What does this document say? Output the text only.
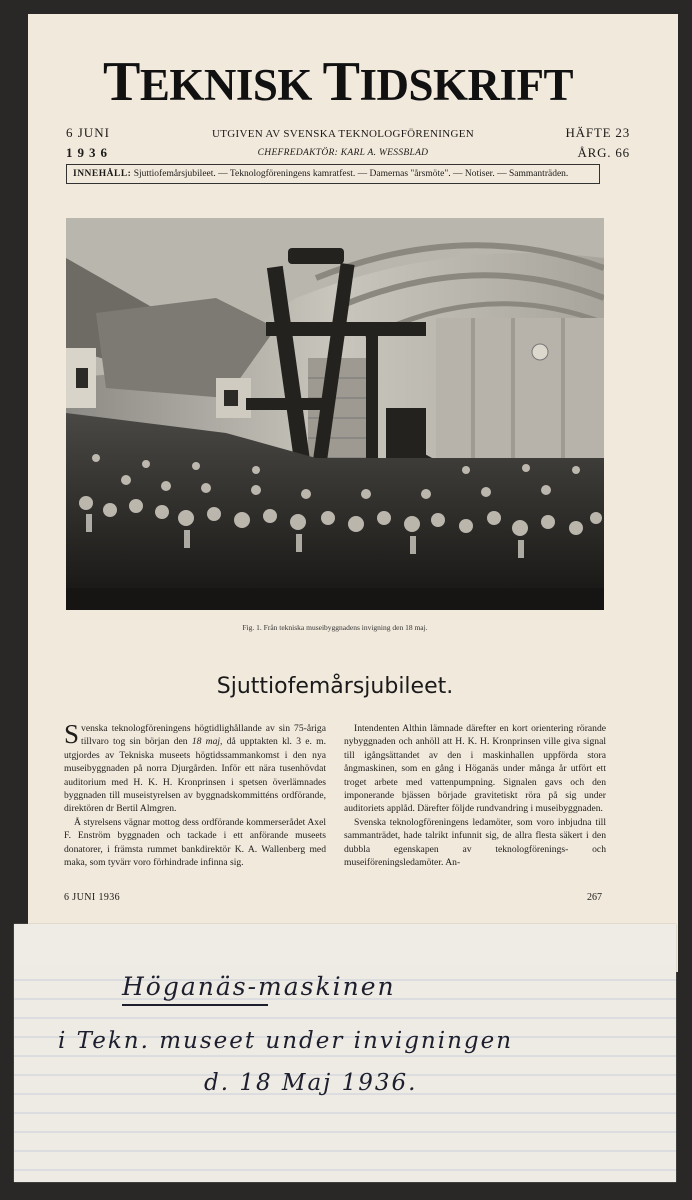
TEKNISK TIDSKRIFT
6 JUNI
1936
UTGIVEN AV SVENSKA TEKNOLOGFÖRENINGEN
CHEFREDAKTÖR: KARL A. WESSBLAD
HÄFTE 23
ÅRG. 66
INNEHÅLL: Sjuttiofemårsjubileet. — Teknologföreningens kamratfest. — Damernas "årsmöte". — Notiser. — Sammanträden.
Fig. 1. Från tekniska museibyggnadens invigning den 18 maj.
Sjuttiofemårsjubileet.

Svenska teknologföreningens högtidlighållande av sin 75-åriga tillvaro tog sin början den 18 maj, då upptakten kl. 3 e. m. utgjordes av Tekniska museets högtidssammankomst i den nya museibyggnaden på norra Djurgården. Inför ett nära tusenhövdat auditorium med H. K. H. Kronprinsen i spetsen överlämnades byggnaden till museistyrelsen av byggnadskommitténs ordförande, direktören dr Bertil Almgren.

Å styrelsens vägnar mottog dess ordförande kommerserådet Axel F. Enström byggnaden och tackade i ett anförande museets donatorer, i främsta rummet bankdirektör K. A. Wallenberg med maka, som tyvärr voro förhindrade infinna sig.

Intendenten Althin lämnade därefter en kort orientering rörande nybyggnaden och anhöll att H. K. H. Kronprinsen ville giva signal till igångsättandet av den i maskinhallen uppförda stora ångmaskinen, som en gång i Höganäs under många år utfört ett troget arbete med vattenpumpning. Signalen gavs och den imponerande bjässen började gravitetiskt röra på sig under auditoriets applåd. Därefter följde rundvandring i museibyggnaden.

Svenska teknologföreningens ledamöter, som voro inbjudna till sammanträdet, hade talrikt infunnit sig, de allra flesta säkert i den dubbla egenskapen av teknologförenings- och museiföreningsledamöter. An-

6 JUNI 1936	267
Höganäs-maskinen
i Tekn. museet under invigningen
d. 18 Maj 1936.
